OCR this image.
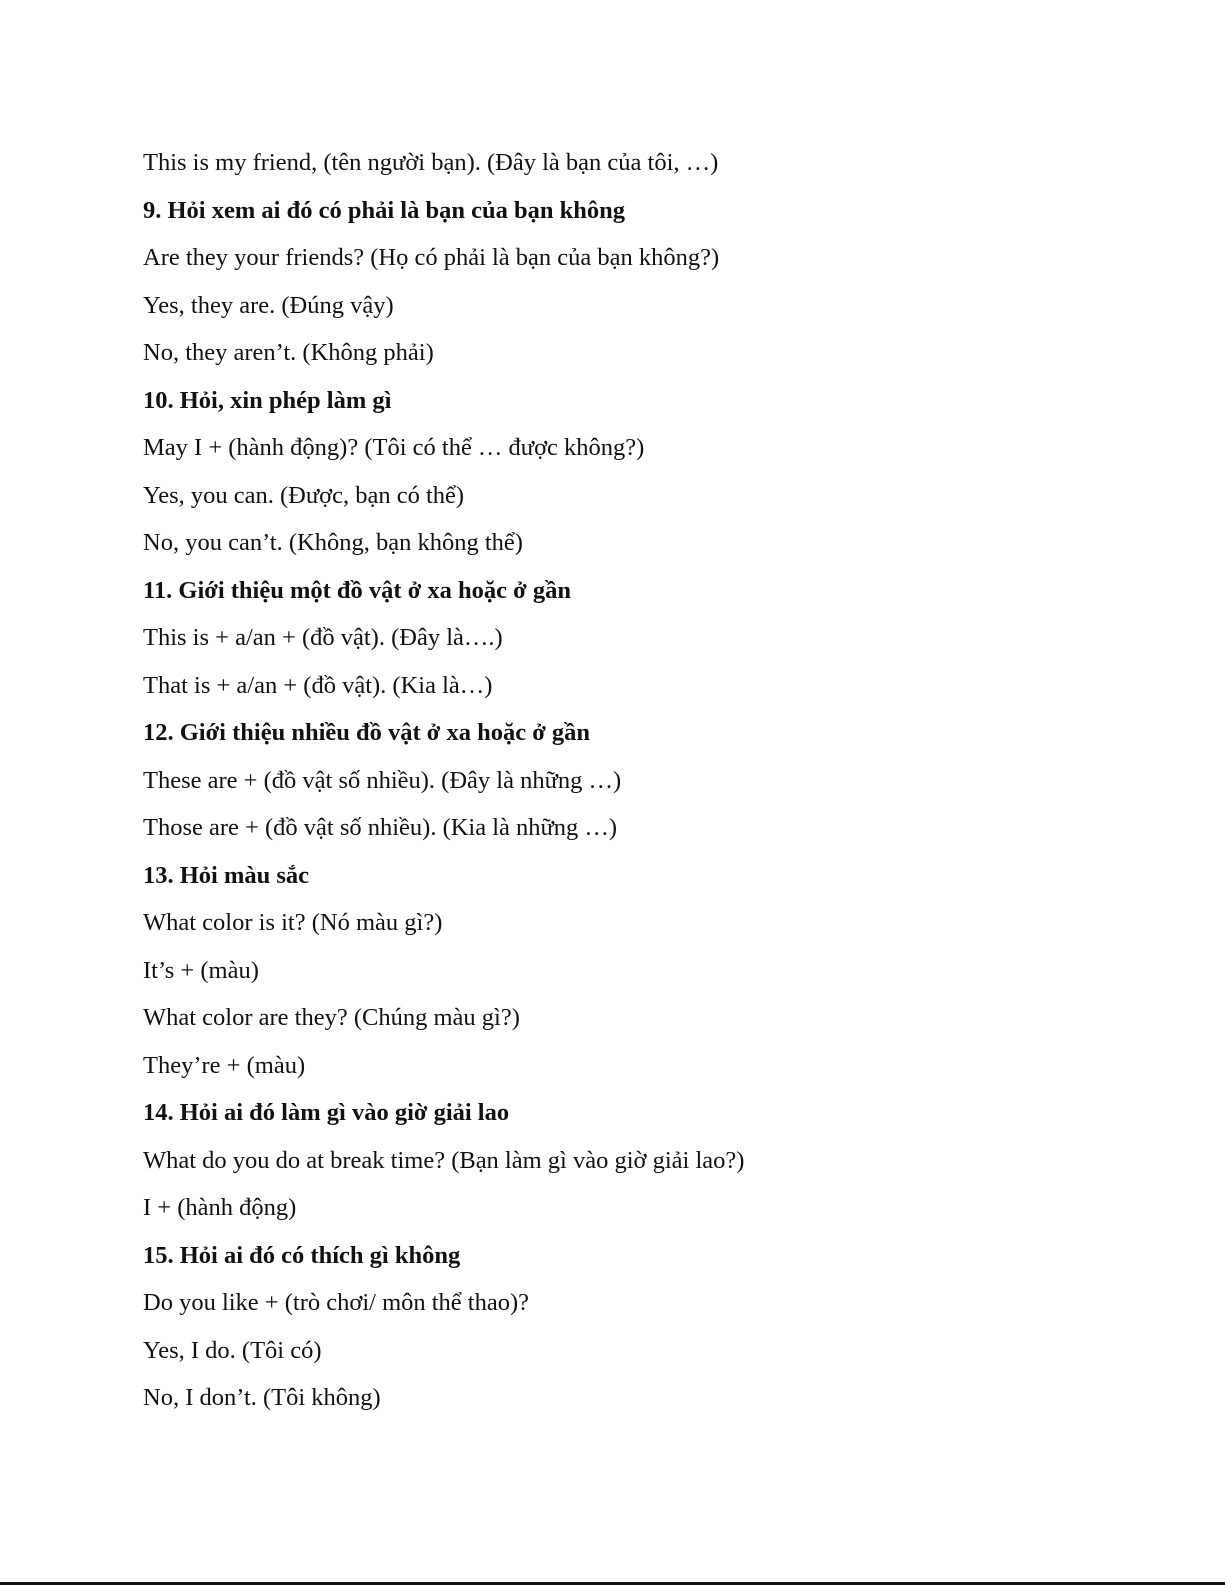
This is my friend, (tên người bạn). (Đây là bạn của tôi, …)
9. Hỏi xem ai đó có phải là bạn của bạn không
Are they your friends? (Họ có phải là bạn của bạn không?)
Yes, they are. (Đúng vậy)
No, they aren’t. (Không phải)
10. Hỏi, xin phép làm gì
May I + (hành động)? (Tôi có thể … được không?)
Yes, you can. (Được, bạn có thể)
No, you can’t. (Không, bạn không thể)
11. Giới thiệu một đồ vật ở xa hoặc ở gần
This is + a/an + (đồ vật). (Đây là….)
That is + a/an + (đồ vật). (Kia là…)
12. Giới thiệu nhiều đồ vật ở xa hoặc ở gần
These are + (đồ vật số nhiều). (Đây là những …)
Those are + (đồ vật số nhiều). (Kia là những …)
13. Hỏi màu sắc
What color is it? (Nó màu gì?)
It’s + (màu)
What color are they? (Chúng màu gì?)
They’re + (màu)
14. Hỏi ai đó làm gì vào giờ giải lao
What do you do at break time? (Bạn làm gì vào giờ giải lao?)
I + (hành động)
15. Hỏi ai đó có thích gì không
Do you like + (trò chơi/ môn thể thao)?
Yes, I do. (Tôi có)
No, I don’t. (Tôi không)
